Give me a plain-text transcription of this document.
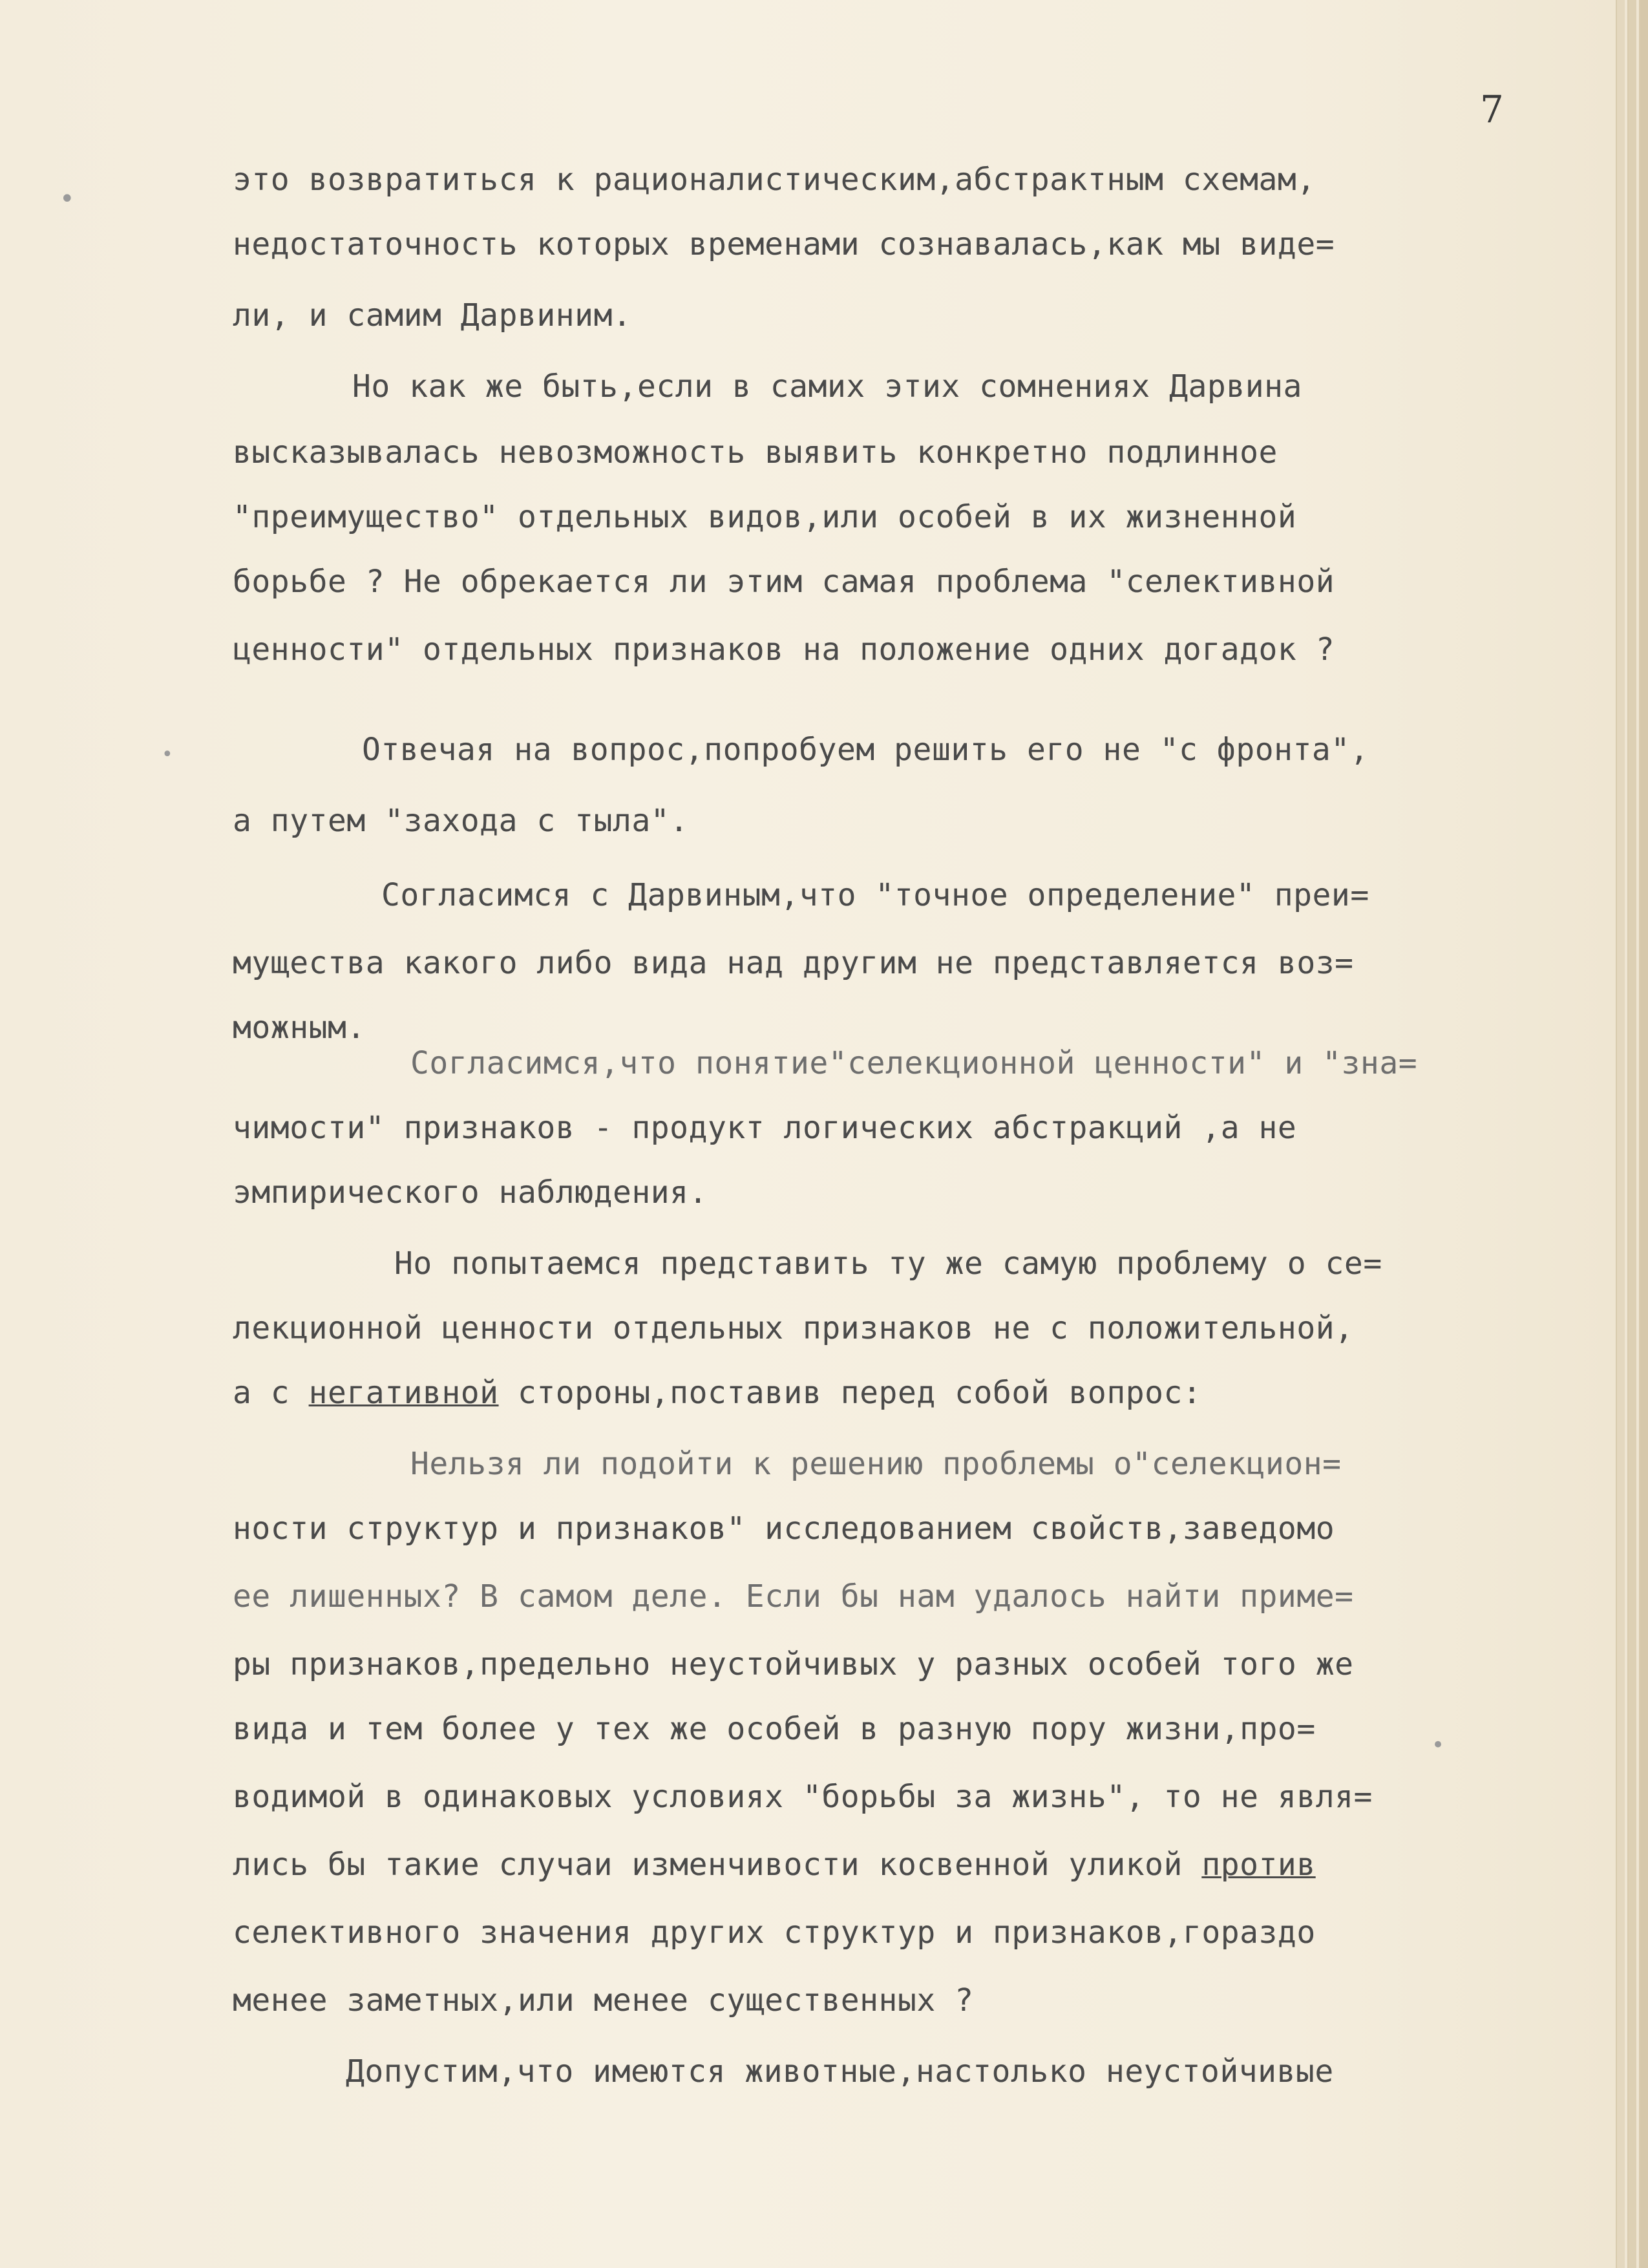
7
это возвратиться к рационалистическим,абстрактным схемам,
недостаточность которых временами сознавалась,как мы виде=
ли, и самим Дарвиним.
Но как же быть,если в самих этих сомнениях Дарвина
высказывалась невозможность выявить конкретно подлинное
"преимущество" отдельных видов,или особей в их жизненной
борьбе ? Не обрекается ли этим самая проблема "селективной
ценности" отдельных признаков на положение одних догадок ?
Отвечая на вопрос,попробуем решить его не "с фронта",
а путем "захода с тыла".
Согласимся с Дарвиным,что "точное определение" преи=
мущества какого либо вида над другим не представляется воз=
можным.
Согласимся,что понятие"селекционной ценности" и "зна=
чимости" признаков - продукт логических абстракций ,а не
эмпирического наблюдения.
Но попытаемся представить ту же самую проблему о се=
лекционной ценности отдельных признаков не с положительной,
а с негативной стороны,поставив перед собой вопрос:
Нельзя ли подойти к решению проблемы о"селекцион=
ности структур и признаков" исследованием свойств,заведомо
ее лишенных? В самом деле. Если бы нам удалось найти приме=
ры признаков,предельно неустойчивых у разных особей того же
вида и тем более у тех же особей в разную пору жизни,про=
водимой в одинаковых условиях "борьбы за жизнь", то не явля=
лись бы такие случаи изменчивости косвенной уликой против
селективного значения других структур и признаков,гораздо
менее заметных,или менее существенных ?
Допустим,что имеются животные,настолько неустойчивые
•
•
•
